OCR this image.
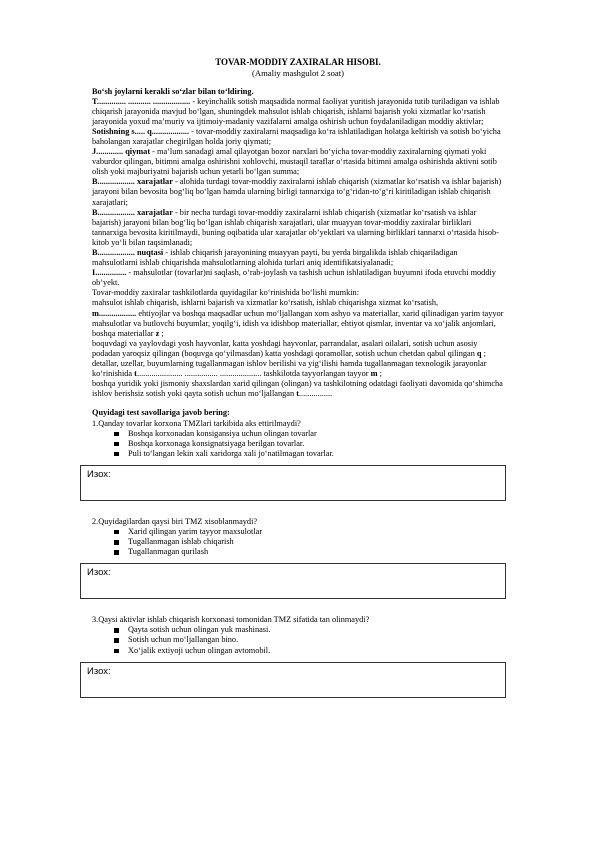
TOVAR-MODDIY ZAXIRALAR HISOBI.
(Amaliy mashgulot 2 soat)

Bo‘sh joylarni kerakli so‘zlar bilan to‘ldiring.

T.............. ........... .................. - keyinchalik sotish maqsadida normal faoliyat yuritish jarayonida tutib turiladigan va ishlab chiqarish jarayonida mavjud bo‘lgan, shuningdek mahsulot ishlab chiqarish, ishlarni bajarish yoki xizmatlar ko‘rsatish jarayonida yoxud ma’muriy va ijtimoiy-madaniy vazifalarni amalga oshirish uchun foydalaniladigan moddiy aktivlar;

Sotishning s..... q.................. - tovar-moddiy zaxiralarni maqsadiga ko‘ra ishlatiladigan holatga keltirish va sotish bo‘yicha baholangan xarajatlar chegirilgan holda joriy qiymati;

J............. qiymat - ma’lum sanadagi amal qilayotgan bozor narxlari bo‘yicha tovar-moddiy zaxiralarning qiymati yoki vaburdor qilingan, bitimni amalga oshirishni xohlovchi, mustaqil taraflar o‘rtasida bitimni amalga oshirishda aktivni sotib olish yoki majburiyatni bajarish uchun yetarli bo‘lgan summa;

B.................. xarajatlar - alohida turdagi tovar-moddiy zaxiralarni ishlab chiqarish (xizmatlar ko‘rsatish va ishlar bajarish) jarayoni bilan bevosita bog‘liq bo‘lgan hamda ularning birligi tannarxiga to‘g‘ridan-to‘g‘ri kiritiladigan ishlab chiqarish xarajatlari;

B.................. xarajatlar - bir necha turdagi tovar-moddiy zaxiralarni ishlab chiqarish (xizmatlar ko‘rsatish va ishlar bajarish) jarayoni bilan bog‘liq bo‘lgan ishlab chiqarish xarajatlari, ular muayyan tovar-moddiy zaxiralar birliklari tannarxiga bevosita kiritilmaydi, buning oqibatida ular xarajatlar ob’yektlari va ularning birliklari tannarxi o‘rtasida hisob-kitob yo‘li bilan taqsimlanadi;

B.................. nuqtasi - ishlab chiqarish jarayonining muayyan payti, bu yerda birgalikda ishlab chiqariladigan mahsulotlarni ishlab chiqarishda mahsulotlarning alohida turlari aniq identifikatsiyalanadi;

I............... - mahsulotlar (tovarlar)ni saqlash, o‘rab-joylash va tashish uchun ishlatiladigan buyumni ifoda etuvchi moddiy ob’yekt.

Tovar-moddiy zaxiralar tashkilotlarda quyidagilar ko‘rinishida bo‘lishi mumkin:

mahsulot ishlab chiqarish, ishlarni bajarish va xizmatlar ko‘rsatish, ishlab chiqarishga xizmat ko‘rsatish,

m.................. ehtiyojlar va boshqa maqsadlar uchun mo‘ljallangan xom ashyo va materiallar, xarid qilinadigan yarim tayyor mahsulotlar va butlovchi buyumlar, yoqilg‘i, idish va idishbop materiallar, ehtiyot qismlar, inventar va xo‘jalik anjomlari, boshqa materiallar z ;

boquvdagi va yaylovdagi yosh hayvonlar, katta yoshdagi hayvonlar, parrandalar, asalari oilalari, sotish uchun asosiy podadan yaroqsiz qilingan (boquvga qo‘yilmasdan) katta yoshdagi qoramollar, sotish uchun chetdan qabul qilingan q ;

detallar, uzellar, buyumlarning tugallanmagan ishlov berilishi va yig‘ilishi hamda tugallanmagan texnologik jarayonlar ko‘rinishida t...................... ................ .................... tashkilotda tayyorlangan tayyor m ;

boshqa yuridik yoki jismoniy shaxslardan xarid qilingan (olingan) va tashkilotning odatdagi faoliyati davomida qo‘shimcha ishlov berishsiz sotish yoki qayta sotish uchun mo‘ljallangan t................

Quyidagi test savollariga javob bering:

1.Qanday tovarlar korxona TMZlari tarkibida aks ettirilmaydi?

Boshqa korxonadan konsigansiya uchun olingan tovarlar
Boshqa korxonaga konsignatsiyaga berilgan tovarlar.
Puli to‘langan lekin xali xaridorga xali jo‘natilmagan tovarlar.
Изох:

2.Quyidagilardan qaysi biri TMZ xisoblanmaydi?

Xarid qilingan yarim tayyor maxsulotlar
Tugallanmagan ishlab chiqarish
Tugallanmagan qurilash
Изох:

3.Qaysi aktivlar ishlab chiqarish korxonasi tomonidan TMZ sifatida tan olinmaydi?

Qayta sotish uchun olingan yuk mashinasi.
Sotish uchun mo‘ljallangan bino.
Xo‘jalik extiyoji uchun olingan avtomobil.
Изох:
